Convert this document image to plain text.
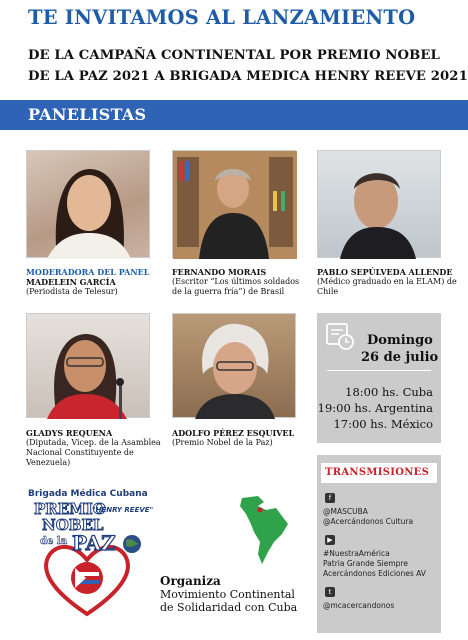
TE INVITAMOS AL LANZAMIENTO
DE LA CAMPAÑA CONTINENTAL POR PREMIO NOBEL
DE LA PAZ 2021 A BRIGADA MEDICA HENRY REEVE 2021
PANELISTAS
MODERADORA DEL PANEL
MADELEIN GARCÍA
(Periodista de Telesur)
FERNANDO MORAIS
(Escritor “Los últimos soldados de la guerra fría”) de Brasil
PABLO SEPÚLVEDA ALLENDE
(Médico graduado en la ELAM) de Chile
GLADYS REQUENA
(Diputada, Vicep. de la Asamblea Nacional Constituyente de Venezuela)
ADOLFO PÉREZ ESQUIVEL
(Premio Nobel de la Paz)
Domingo
26 de julio
18:00 hs. Cuba
19:00 hs. Argentina
17:00 hs. México
TRANSMISIONES
f
@MASCUBA
@Acercándonos Cultura
▶
#NuestraAmérica
Patria Grande Siempre
Acercándonos Ediciones AV
t
@mcacercandonos
Brigada Médica Cubana
PREMIO
"HENRY REEVE"
NOBEL
de la PAZ
Organiza
Movimiento Continental
de Solidaridad con Cuba
